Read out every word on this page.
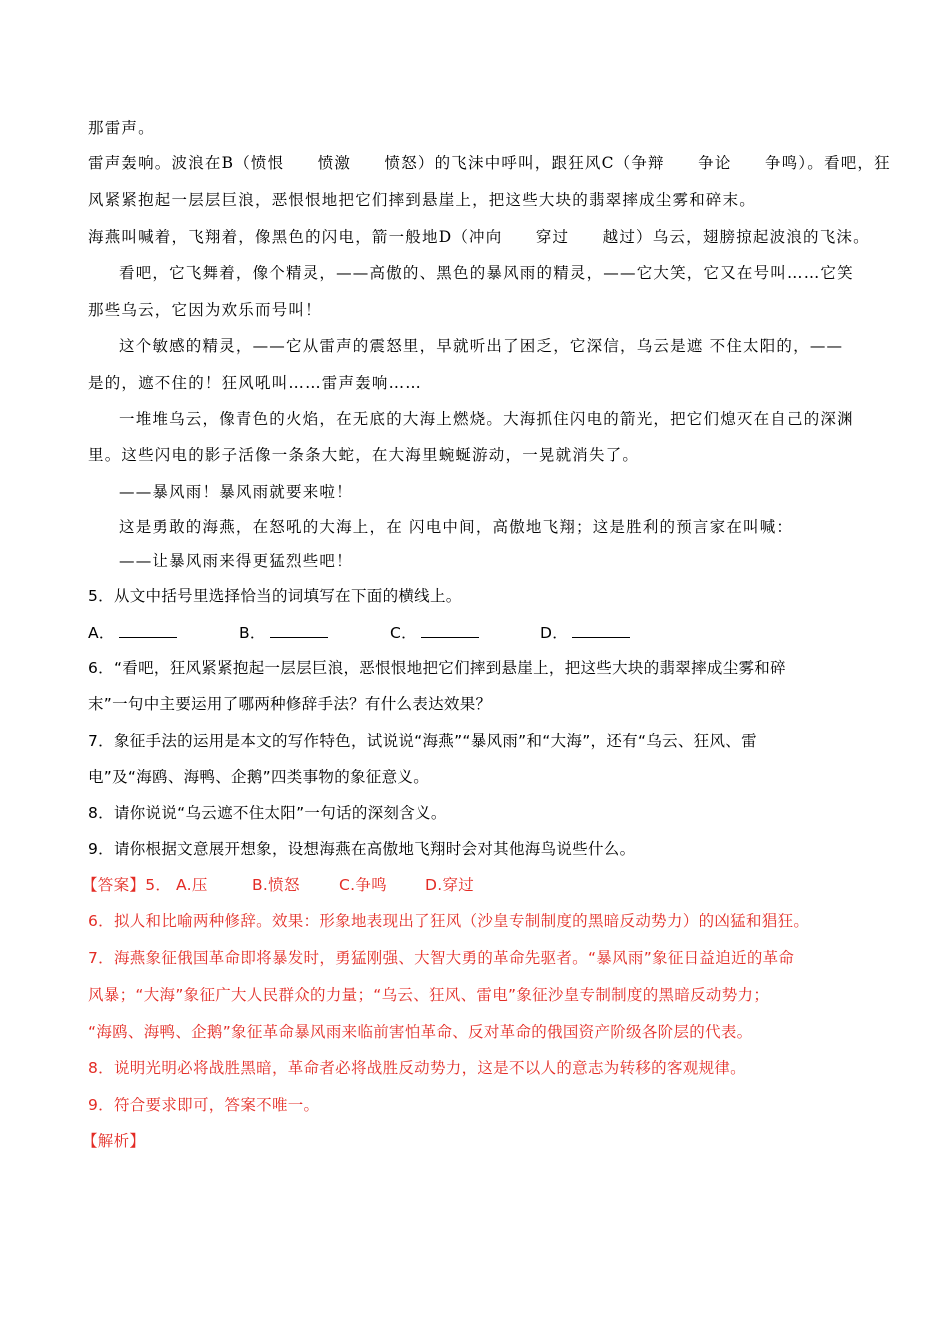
那雷声。
雷声轰响。波浪在B（愤恨　　愤激　　愤怒）的飞沫中呼叫，跟狂风C（争辩　　争论　　争鸣）。看吧，狂
风紧紧抱起一层层巨浪，恶恨恨地把它们摔到悬崖上，把这些大块的翡翠摔成尘雾和碎末。
海燕叫喊着，飞翔着，像黑色的闪电，箭一般地D（冲向　　穿过　　越过）乌云，翅膀掠起波浪的飞沫。
看吧，它飞舞着，像个精灵，——高傲的、黑色的暴风雨的精灵，——它大笑，它又在号叫……它笑
那些乌云，它因为欢乐而号叫！
这个敏感的精灵，——它从雷声的震怒里，早就听出了困乏，它深信，乌云是遮 不住太阳的，——
是的，遮不住的！狂风吼叫……雷声轰响……
一堆堆乌云，像青色的火焰，在无底的大海上燃烧。大海抓住闪电的箭光，把它们熄灭在自己的深渊
里。这些闪电的影子活像一条条大蛇，在大海里蜿蜒游动，一晃就消失了。
——暴风雨！暴风雨就要来啦！
这是勇敢的海燕，在怒吼的大海上，在 闪电中间，高傲地飞翔；这是胜利的预言家在叫喊：
——让暴风雨来得更猛烈些吧！
5．从文中括号里选择恰当的词填写在下面的横线上。
A．	B．	C．	D．
6．“看吧，狂风紧紧抱起一层层巨浪，恶恨恨地把它们摔到悬崖上，把这些大块的翡翠摔成尘雾和碎
末”一句中主要运用了哪两种修辞手法？有什么表达效果？
7．象征手法的运用是本文的写作特色，试说说“海燕”“暴风雨”和“大海”，还有“乌云、狂风、雷
电”及“海鸥、海鸭、企鹅”四类事物的象征意义。
8．请你说说“乌云遮不住太阳”一句话的深刻含义。
9．请你根据文意展开想象，设想海燕在高傲地飞翔时会对其他海鸟说些什么。
【答案】5． A.压	B.愤怒	C.争鸣 D.穿过
6．拟人和比喻两种修辞。效果：形象地表现出了狂风（沙皇专制制度的黑暗反动势力）的凶猛和猖狂。
7．海燕象征俄国革命即将暴发时，勇猛刚强、大智大勇的革命先驱者。“暴风雨”象征日益迫近的革命
风暴；“大海”象征广大人民群众的力量；“乌云、狂风、雷电”象征沙皇专制制度的黑暗反动势力；
“海鸥、海鸭、企鹅”象征革命暴风雨来临前害怕革命、反对革命的俄国资产阶级各阶层的代表。
8．说明光明必将战胜黑暗，革命者必将战胜反动势力，这是不以人的意志为转移的客观规律。
9．符合要求即可，答案不唯一。
【解析】
